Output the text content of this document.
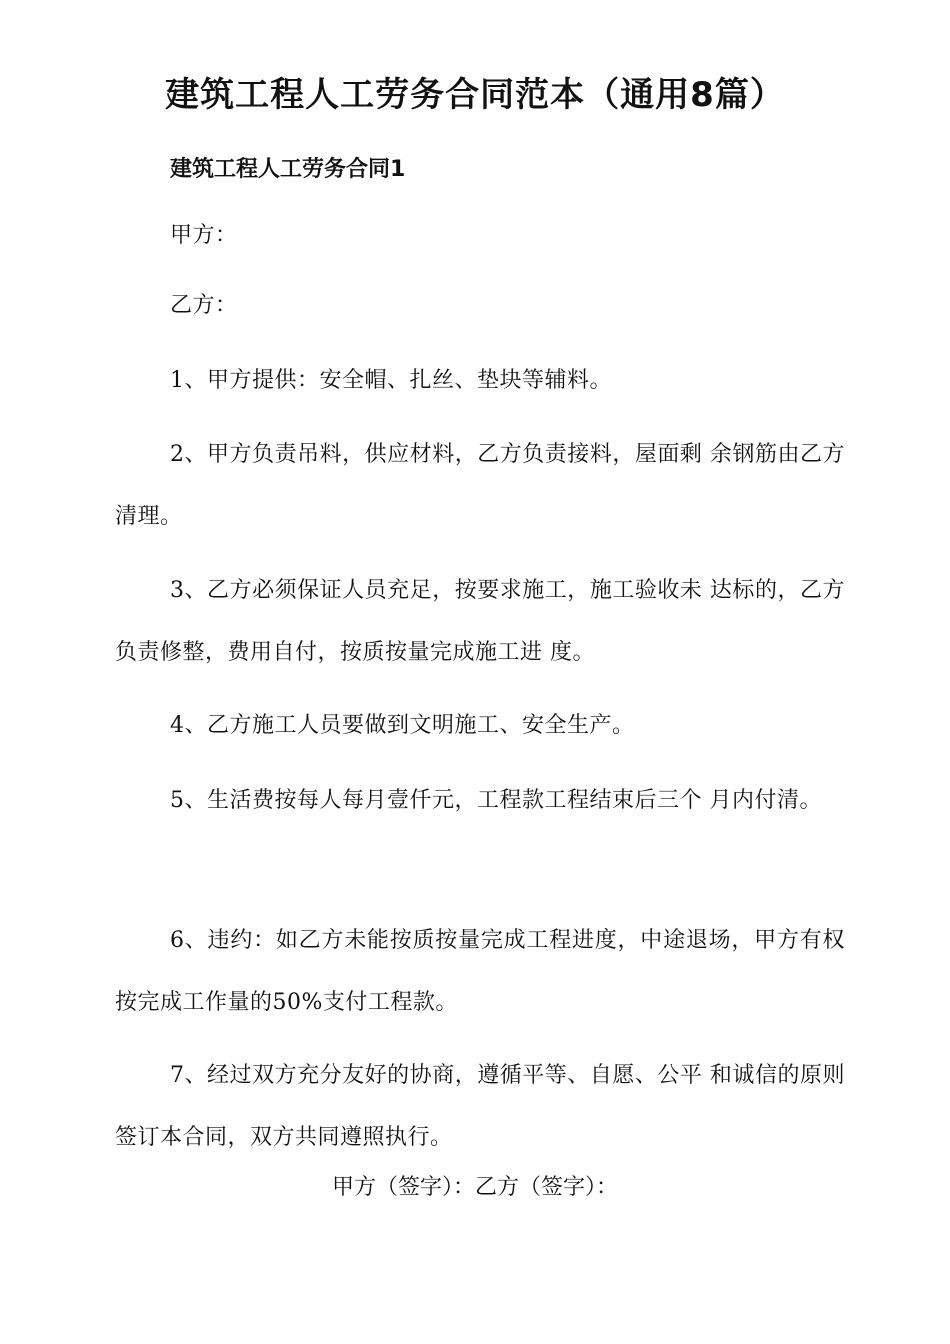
建筑工程人工劳务合同范本（通用8篇）
建筑工程人工劳务合同1

甲方：

乙方：

1、甲方提供：安全帽、扎丝、垫块等辅料。

2、甲方负责吊料，供应材料，乙方负责接料，屋面剩 余钢筋由乙方清理。

3、乙方必须保证人员充足，按要求施工，施工验收未 达标的，乙方负责修整，费用自付，按质按量完成施工进 度。

4、乙方施工人员要做到文明施工、安全生产。

5、生活费按每人每月壹仟元，工程款工程结束后三个 月内付清。

6、违约：如乙方未能按质按量完成工程进度，中途退场，甲方有权按完成工作量的50%支付工程款。

7、经过双方充分友好的协商，遵循平等、自愿、公平 和诚信的原则签订本合同，双方共同遵照执行。

甲方（签字）：乙方（签字）：
